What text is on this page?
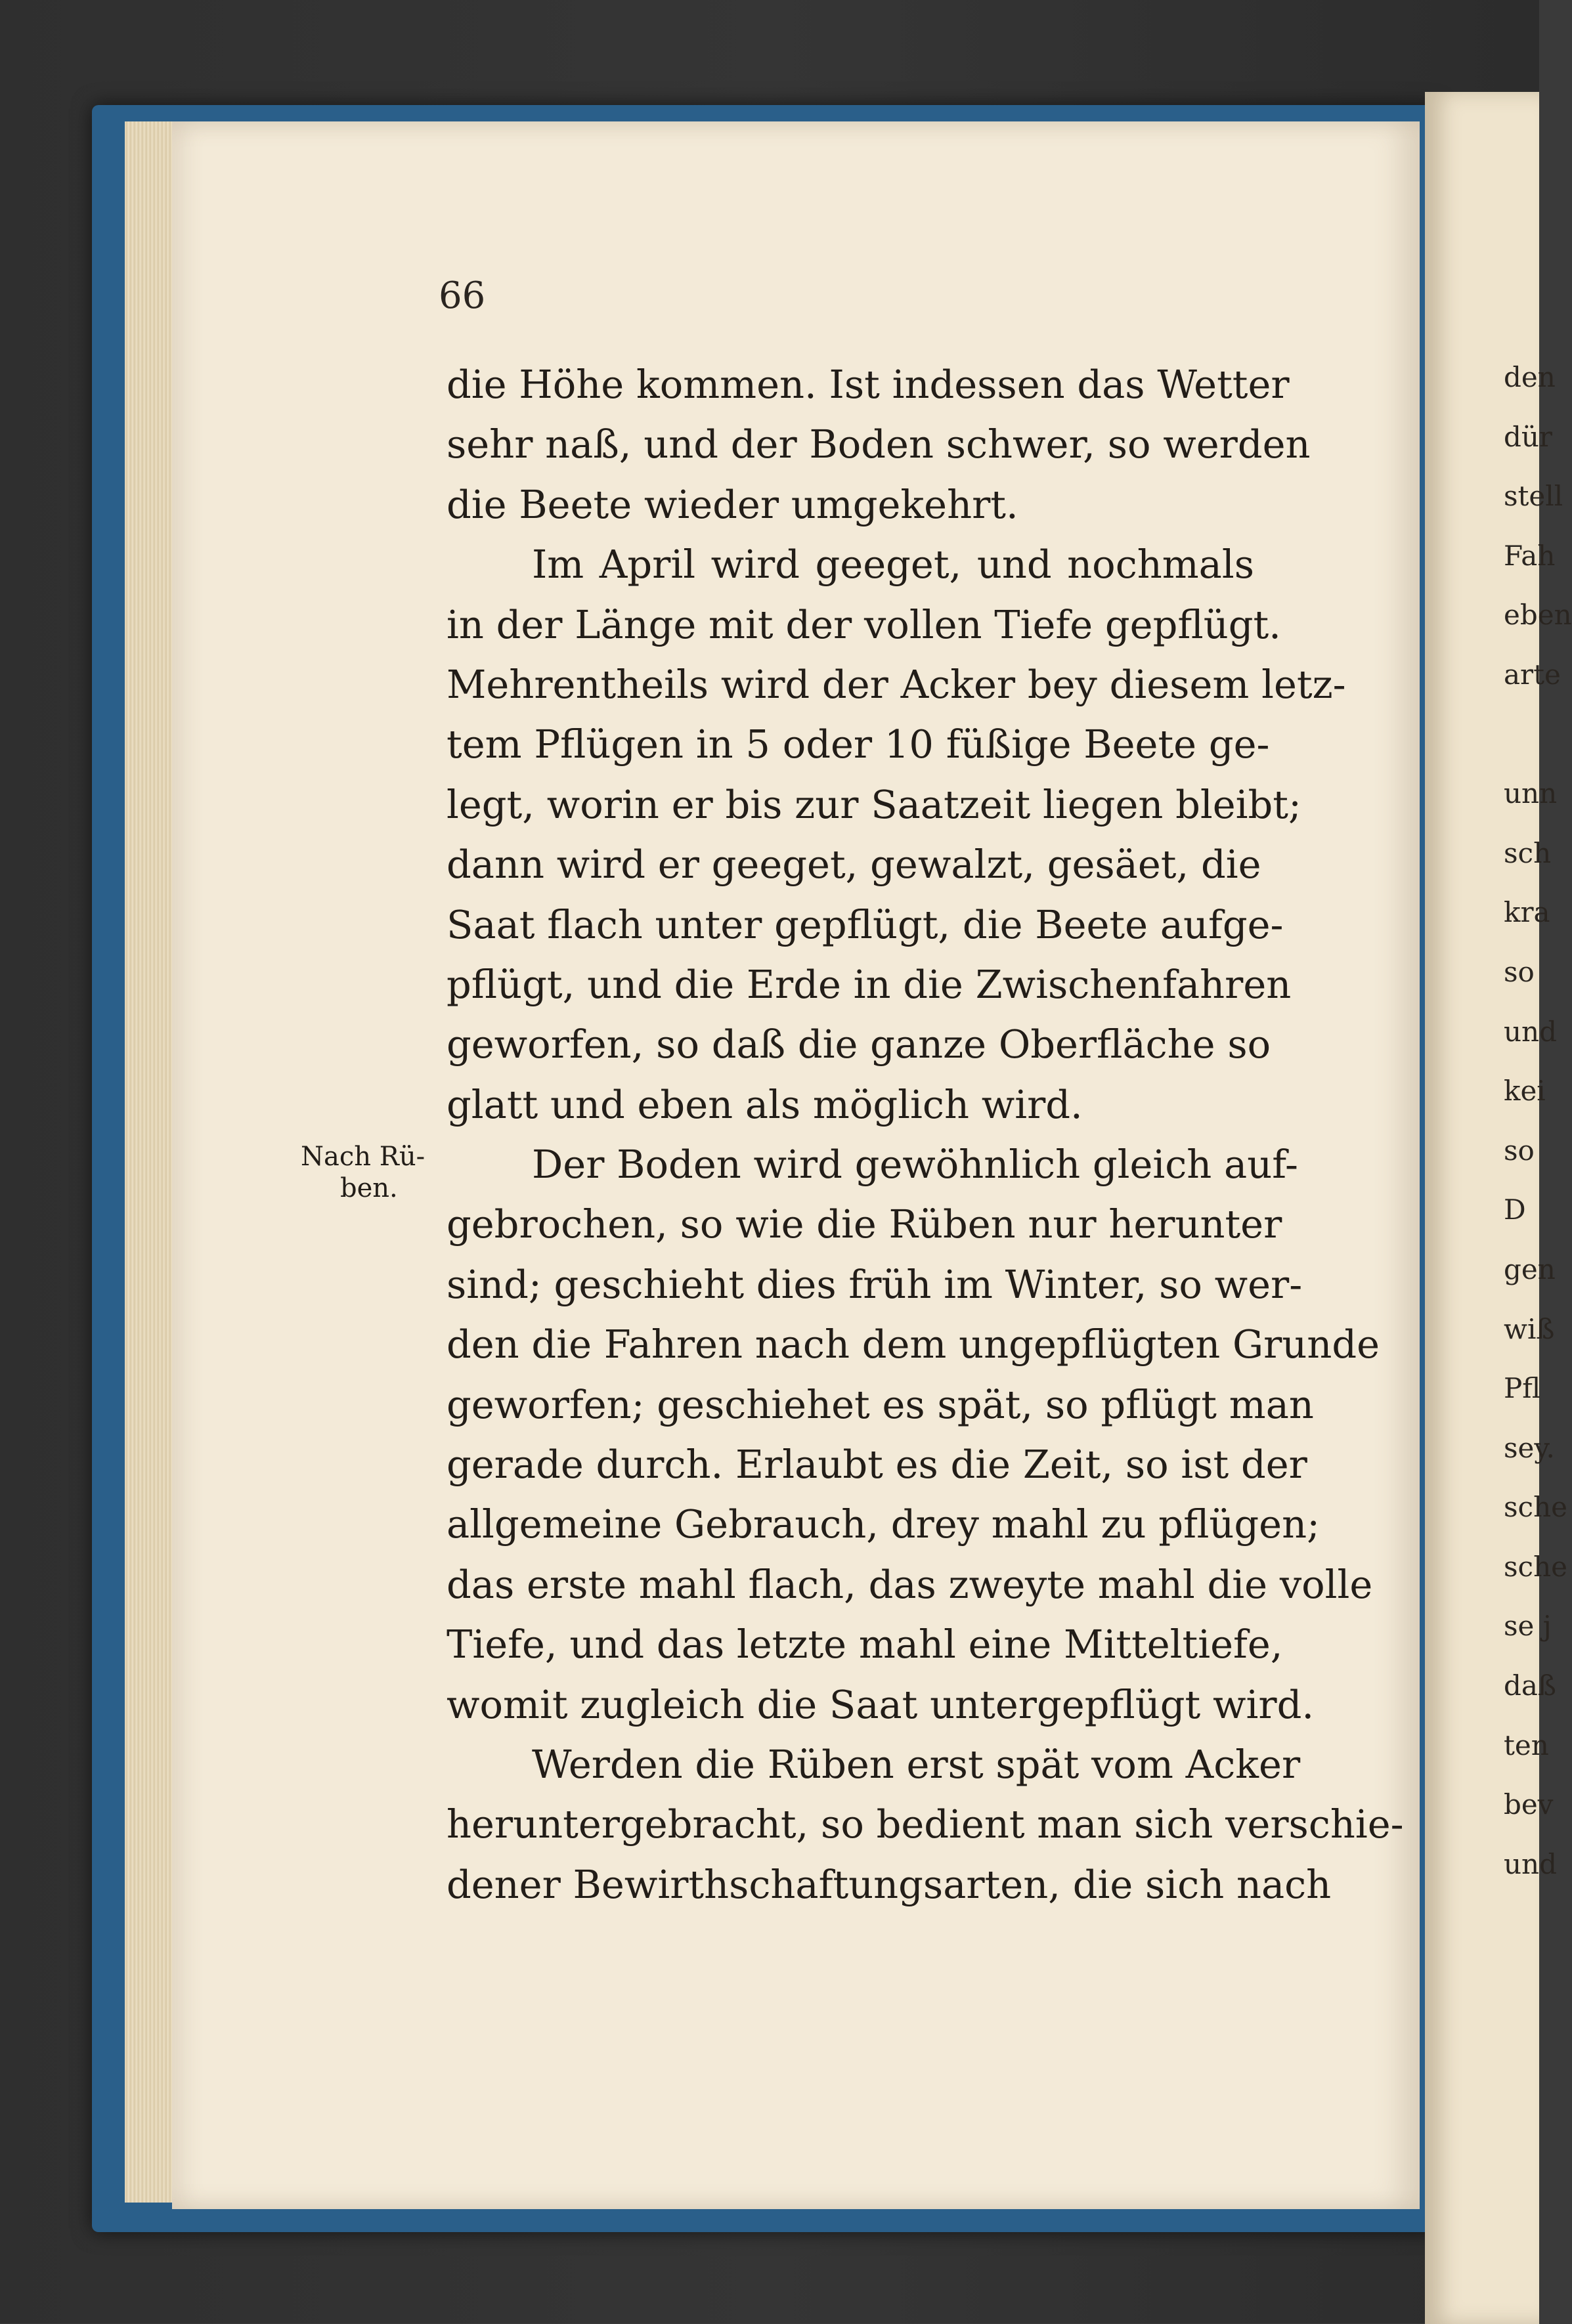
66
Nach Rü-
ben.
die Höhe kommen. Ist indessen das Wetter
sehr naß, und der Boden schwer, so werden
die Beete wieder umgekehrt.
Im April wird geeget, und nochmals
in der Länge mit der vollen Tiefe gepflügt.
Mehrentheils wird der Acker bey diesem letz-
tem Pflügen in 5 oder 10 füßige Beete ge-
legt, worin er bis zur Saatzeit liegen bleibt;
dann wird er geeget, gewalzt, gesäet, die
Saat flach unter gepflügt, die Beete aufge-
pflügt, und die Erde in die Zwischenfahren
geworfen, so daß die ganze Oberfläche so
glatt und eben als möglich wird.
Der Boden wird gewöhnlich gleich auf-
gebrochen, so wie die Rüben nur herunter
sind; geschieht dies früh im Winter, so wer-
den die Fahren nach dem ungepflügten Grunde
geworfen; geschiehet es spät, so pflügt man
gerade durch. Erlaubt es die Zeit, so ist der
allgemeine Gebrauch, drey mahl zu pflügen;
das erste mahl flach, das zweyte mahl die volle
Tiefe, und das letzte mahl eine Mitteltiefe,
womit zugleich die Saat untergepflügt wird.
Werden die Rüben erst spät vom Acker
heruntergebracht, so bedient man sich verschie-
dener Bewirthschaftungsarten, die sich nach
den
dür
stell
Fah
eben
arte

unn
sch
kra
so
und
kei
so
D
gen
wiß
Pfl
sey.
sche
sche
se j
daß
ten
bev
und
